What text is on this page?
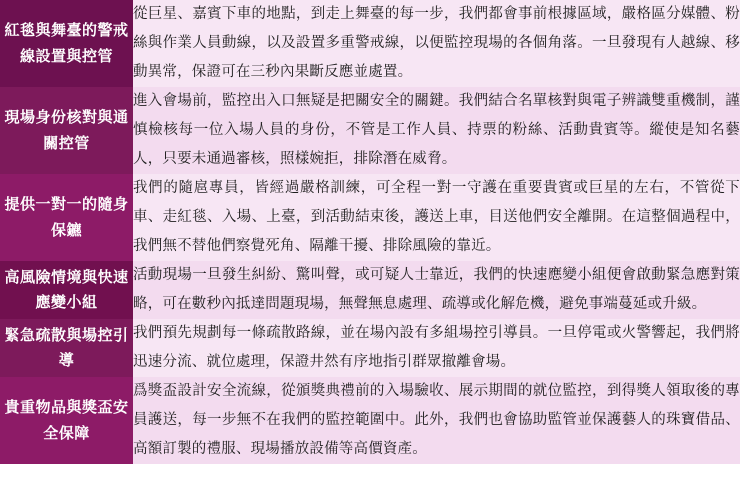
紅毯與舞臺的警戒線設置與控管	從巨星、嘉賓下車的地點，到走上舞臺的每一步，我們都會事前根據區域，嚴格區分媒體、粉絲與作業人員動線，以及設置多重警戒線，以便監控現場的各個角落。一旦發現有人越線、移動異常，保證可在三秒內果斷反應並處置。
現場身份核對與通關控管	進入會場前，監控出入口無疑是把關安全的關鍵。我們結合名單核對與電子辨識雙重機制，謹慎檢核每一位入場人員的身份，不管是工作人員、持票的粉絲、活動貴賓等。縱使是知名藝人，只要未通過審核，照樣婉拒，排除潛在威脅。
提供一對一的隨身保鑣	我們的隨扈專員，皆經過嚴格訓練，可全程一對一守護在重要貴賓或巨星的左右，不管從下車、走紅毯、入場、上臺，到活動結束後，護送上車，目送他們安全離開。在這整個過程中，我們無不替他們察覺死角、隔離干擾、排除風險的靠近。
高風險情境與快速應變小組	活動現場一旦發生糾紛、驚叫聲，或可疑人士靠近，我們的快速應變小組便會啟動緊急應對策略，可在數秒內抵達問題現場，無聲無息處理、疏導或化解危機，避免事端蔓延或升級。
緊急疏散與場控引導	我們預先規劃每一條疏散路線，並在場內設有多組場控引導員。一旦停電或火警響起，我們將迅速分流、就位處理，保證井然有序地指引群眾撤離會場。
貴重物品與獎盃安全保障	爲獎盃設計安全流線，從頒獎典禮前的入場驗收、展示期間的就位監控，到得獎人領取後的專員護送，每一步無不在我們的監控範圍中。此外，我們也會協助監管並保護藝人的珠寶借品、高額訂製的禮服、現場播放設備等高價資產。
